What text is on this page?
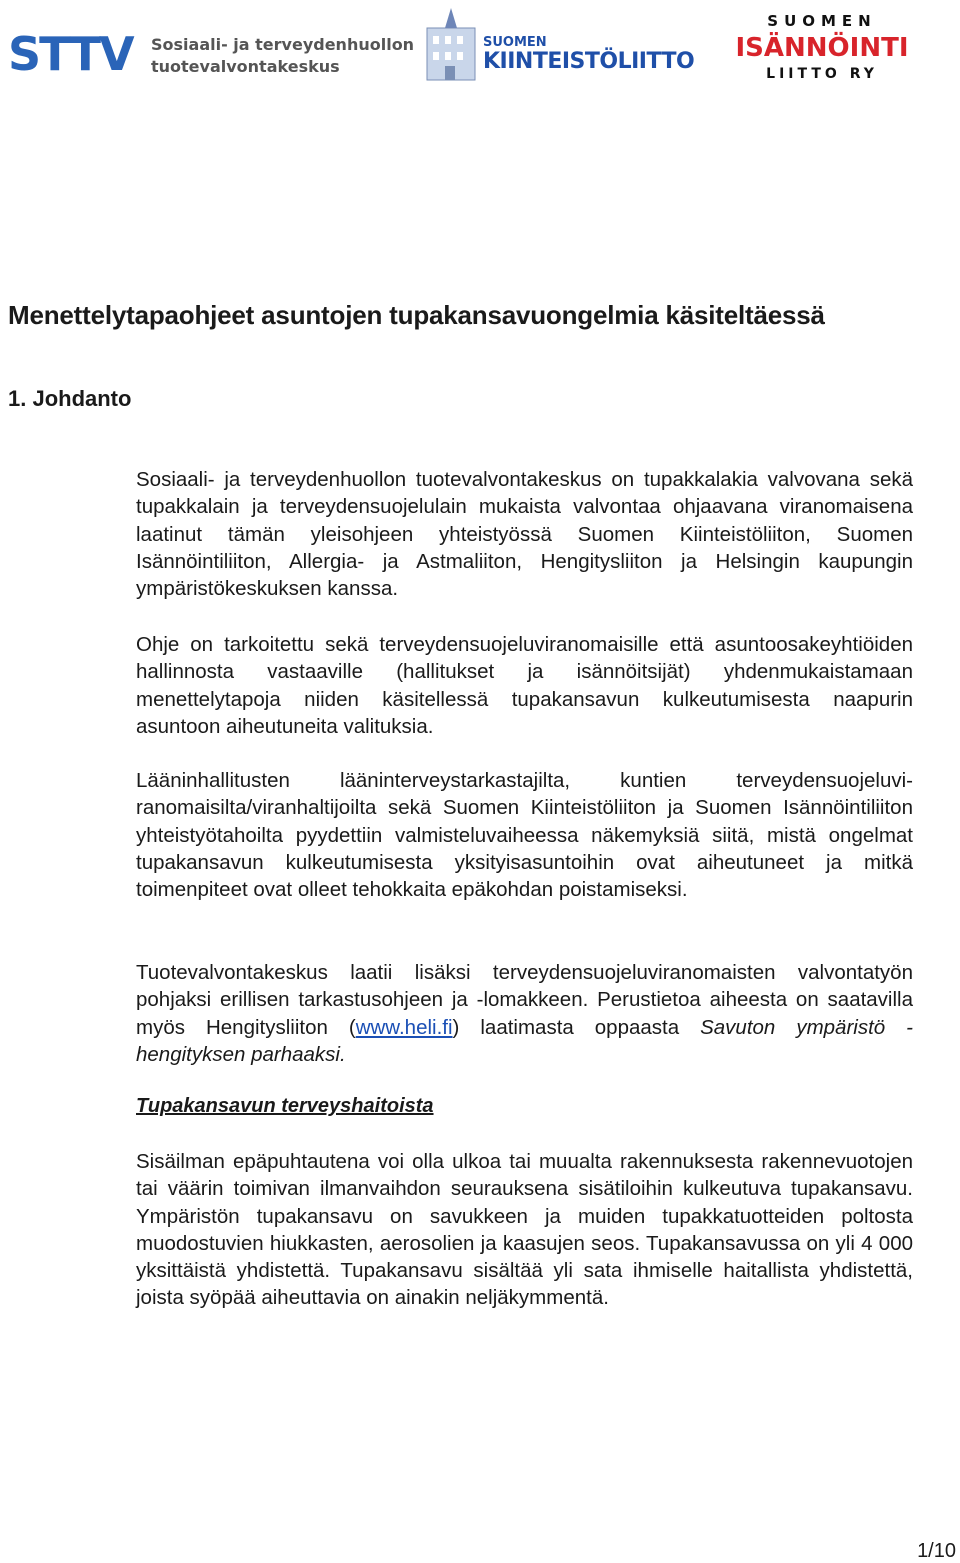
STTV Sosiaali- ja terveydenhuollon
tuotevalvontakeskus
SUOMEN
KIINTEISTÖLIITTO
SUOMEN
ISÄNNÖINTI
LIITTO RY
Menettelytapaohjeet asuntojen tupakansavuongelmia käsiteltäessä
1. Johdanto

Sosiaali- ja terveydenhuollon tuotevalvontakeskus on tupakkalakia valvovana sekä tupakkalain ja terveydensuojelulain mukaista valvontaa ohjaavana viranomaisena laatinut tämän yleisohjeen yhteistyössä Suomen Kiinteistöliiton, Suomen Isännöintiliiton, Allergia- ja Astmaliiton, Hengitysliiton ja Helsingin kaupungin ympäristökeskuksen kanssa.

Ohje on tarkoitettu sekä terveydensuojeluviranomaisille että asuntoosakeyhtiöiden hallinnosta vastaaville (hallitukset ja isännöitsijät) yhdenmukaistamaan menettelytapoja niiden käsitellessä tupakansavun kulkeutumisesta naapurin asuntoon aiheutuneita valituksia.

Lääninhallitusten lääninterveystarkastajilta, kuntien terveydensuojeluviranomaisilta/viranhaltijoilta sekä Suomen Kiinteistöliiton ja Suomen Isännöintiliiton yhteistyötahoilta pyydettiin valmisteluvaiheessa näkemyksiä siitä, mistä ongelmat tupakansavun kulkeutumisesta yksityisasuntoihin ovat aiheutuneet ja mitkä toimenpiteet ovat olleet tehokkaita epäkohdan poistamiseksi.

Tuotevalvontakeskus laatii lisäksi terveydensuojeluviranomaisten valvontatyön pohjaksi erillisen tarkastusohjeen ja -lomakkeen. Perustietoa aiheesta on saatavilla myös Hengitysliiton (www.heli.fi) laatimasta oppaasta Savuton ympäristö - hengityksen parhaaksi.

Tupakansavun terveyshaitoista

Sisäilman epäpuhtautena voi olla ulkoa tai muualta rakennuksesta rakennevuotojen tai väärin toimivan ilmanvaihdon seurauksena sisätiloihin kulkeutuva tupakansavu. Ympäristön tupakansavu on savukkeen ja muiden tupakkatuotteiden poltosta muodostuvien hiukkasten, aerosolien ja kaasujen seos. Tupakansavussa on yli 4 000 yksittäistä yhdistettä. Tupakansavu sisältää yli sata ihmiselle haitallista yhdistettä, joista syöpää aiheuttavia on ainakin neljäkymmentä.

1/10
